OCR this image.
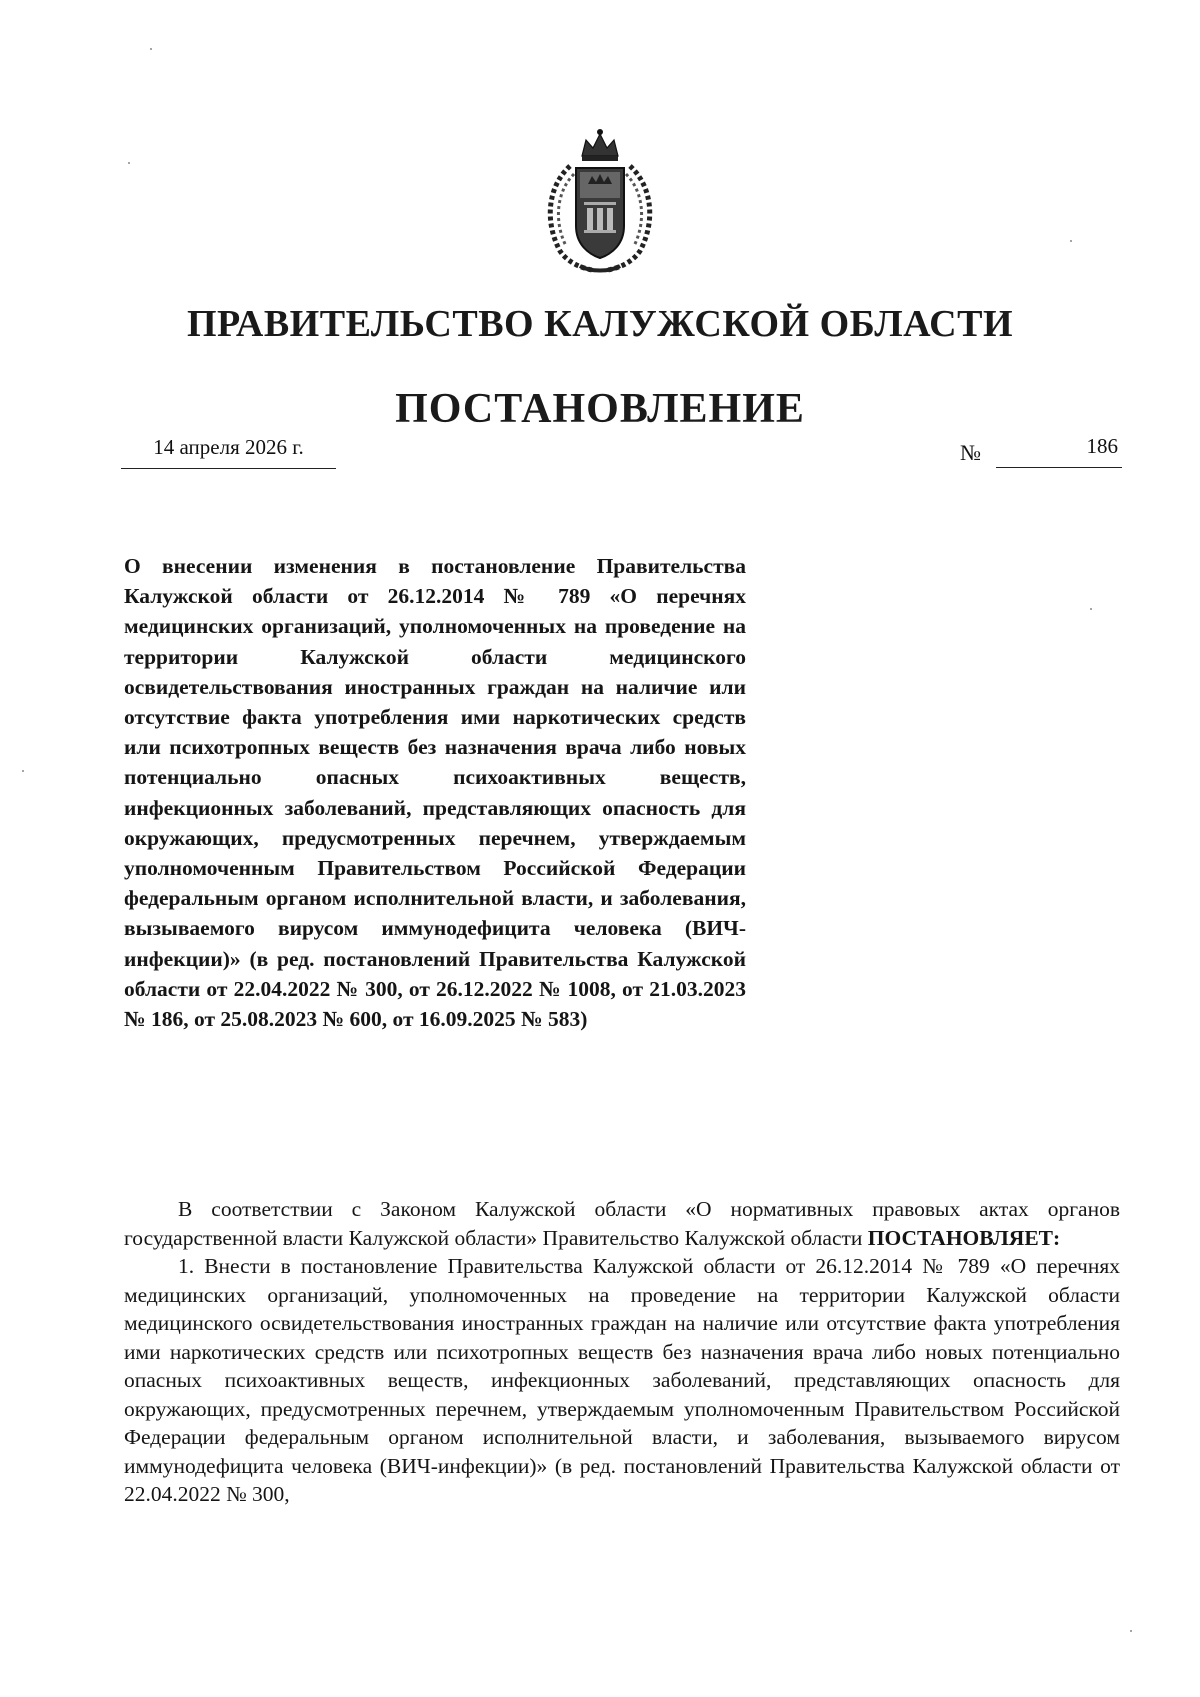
ПРАВИТЕЛЬСТВО КАЛУЖСКОЙ ОБЛАСТИ
ПОСТАНОВЛЕНИЕ
14 апреля 2026 г.	№	186
О внесении изменения в постановление Правительства Калужской области от 26.12.2014 № 789 «О перечнях медицинских организаций, уполномоченных на проведение на территории Калужской области медицинского освидетельствования иностранных граждан на наличие или отсутствие факта употребления ими наркотических средств или психотропных веществ без назначения врача либо новых потенциально опасных психоактивных веществ, инфекционных заболеваний, представляющих опасность для окружающих, предусмотренных перечнем, утверждаемым уполномоченным Правительством Российской Федерации федеральным органом исполнительной власти, и заболевания, вызываемого вирусом иммунодефицита человека (ВИЧ-инфекции)» (в ред. постановлений Правительства Калужской области от 22.04.2022 № 300, от 26.12.2022 № 1008, от 21.03.2023 № 186, от 25.08.2023 № 600, от 16.09.2025 № 583)

В соответствии с Законом Калужской области «О нормативных правовых актах органов государственной власти Калужской области» Правительство Калужской области ПОСТАНОВЛЯЕТ:

1. Внести в постановление Правительства Калужской области от 26.12.2014 № 789 «О перечнях медицинских организаций, уполномоченных на проведение на территории Калужской области медицинского освидетельствования иностранных граждан на наличие или отсутствие факта употребления ими наркотических средств или психотропных веществ без назначения врача либо новых потенциально опасных психоактивных веществ, инфекционных заболеваний, представляющих опасность для окружающих, предусмотренных перечнем, утверждаемым уполномоченным Правительством Российской Федерации федеральным органом исполнительной власти, и заболевания, вызываемого вирусом иммунодефицита человека (ВИЧ-инфекции)» (в ред. постановлений Правительства Калужской области от 22.04.2022 № 300,
